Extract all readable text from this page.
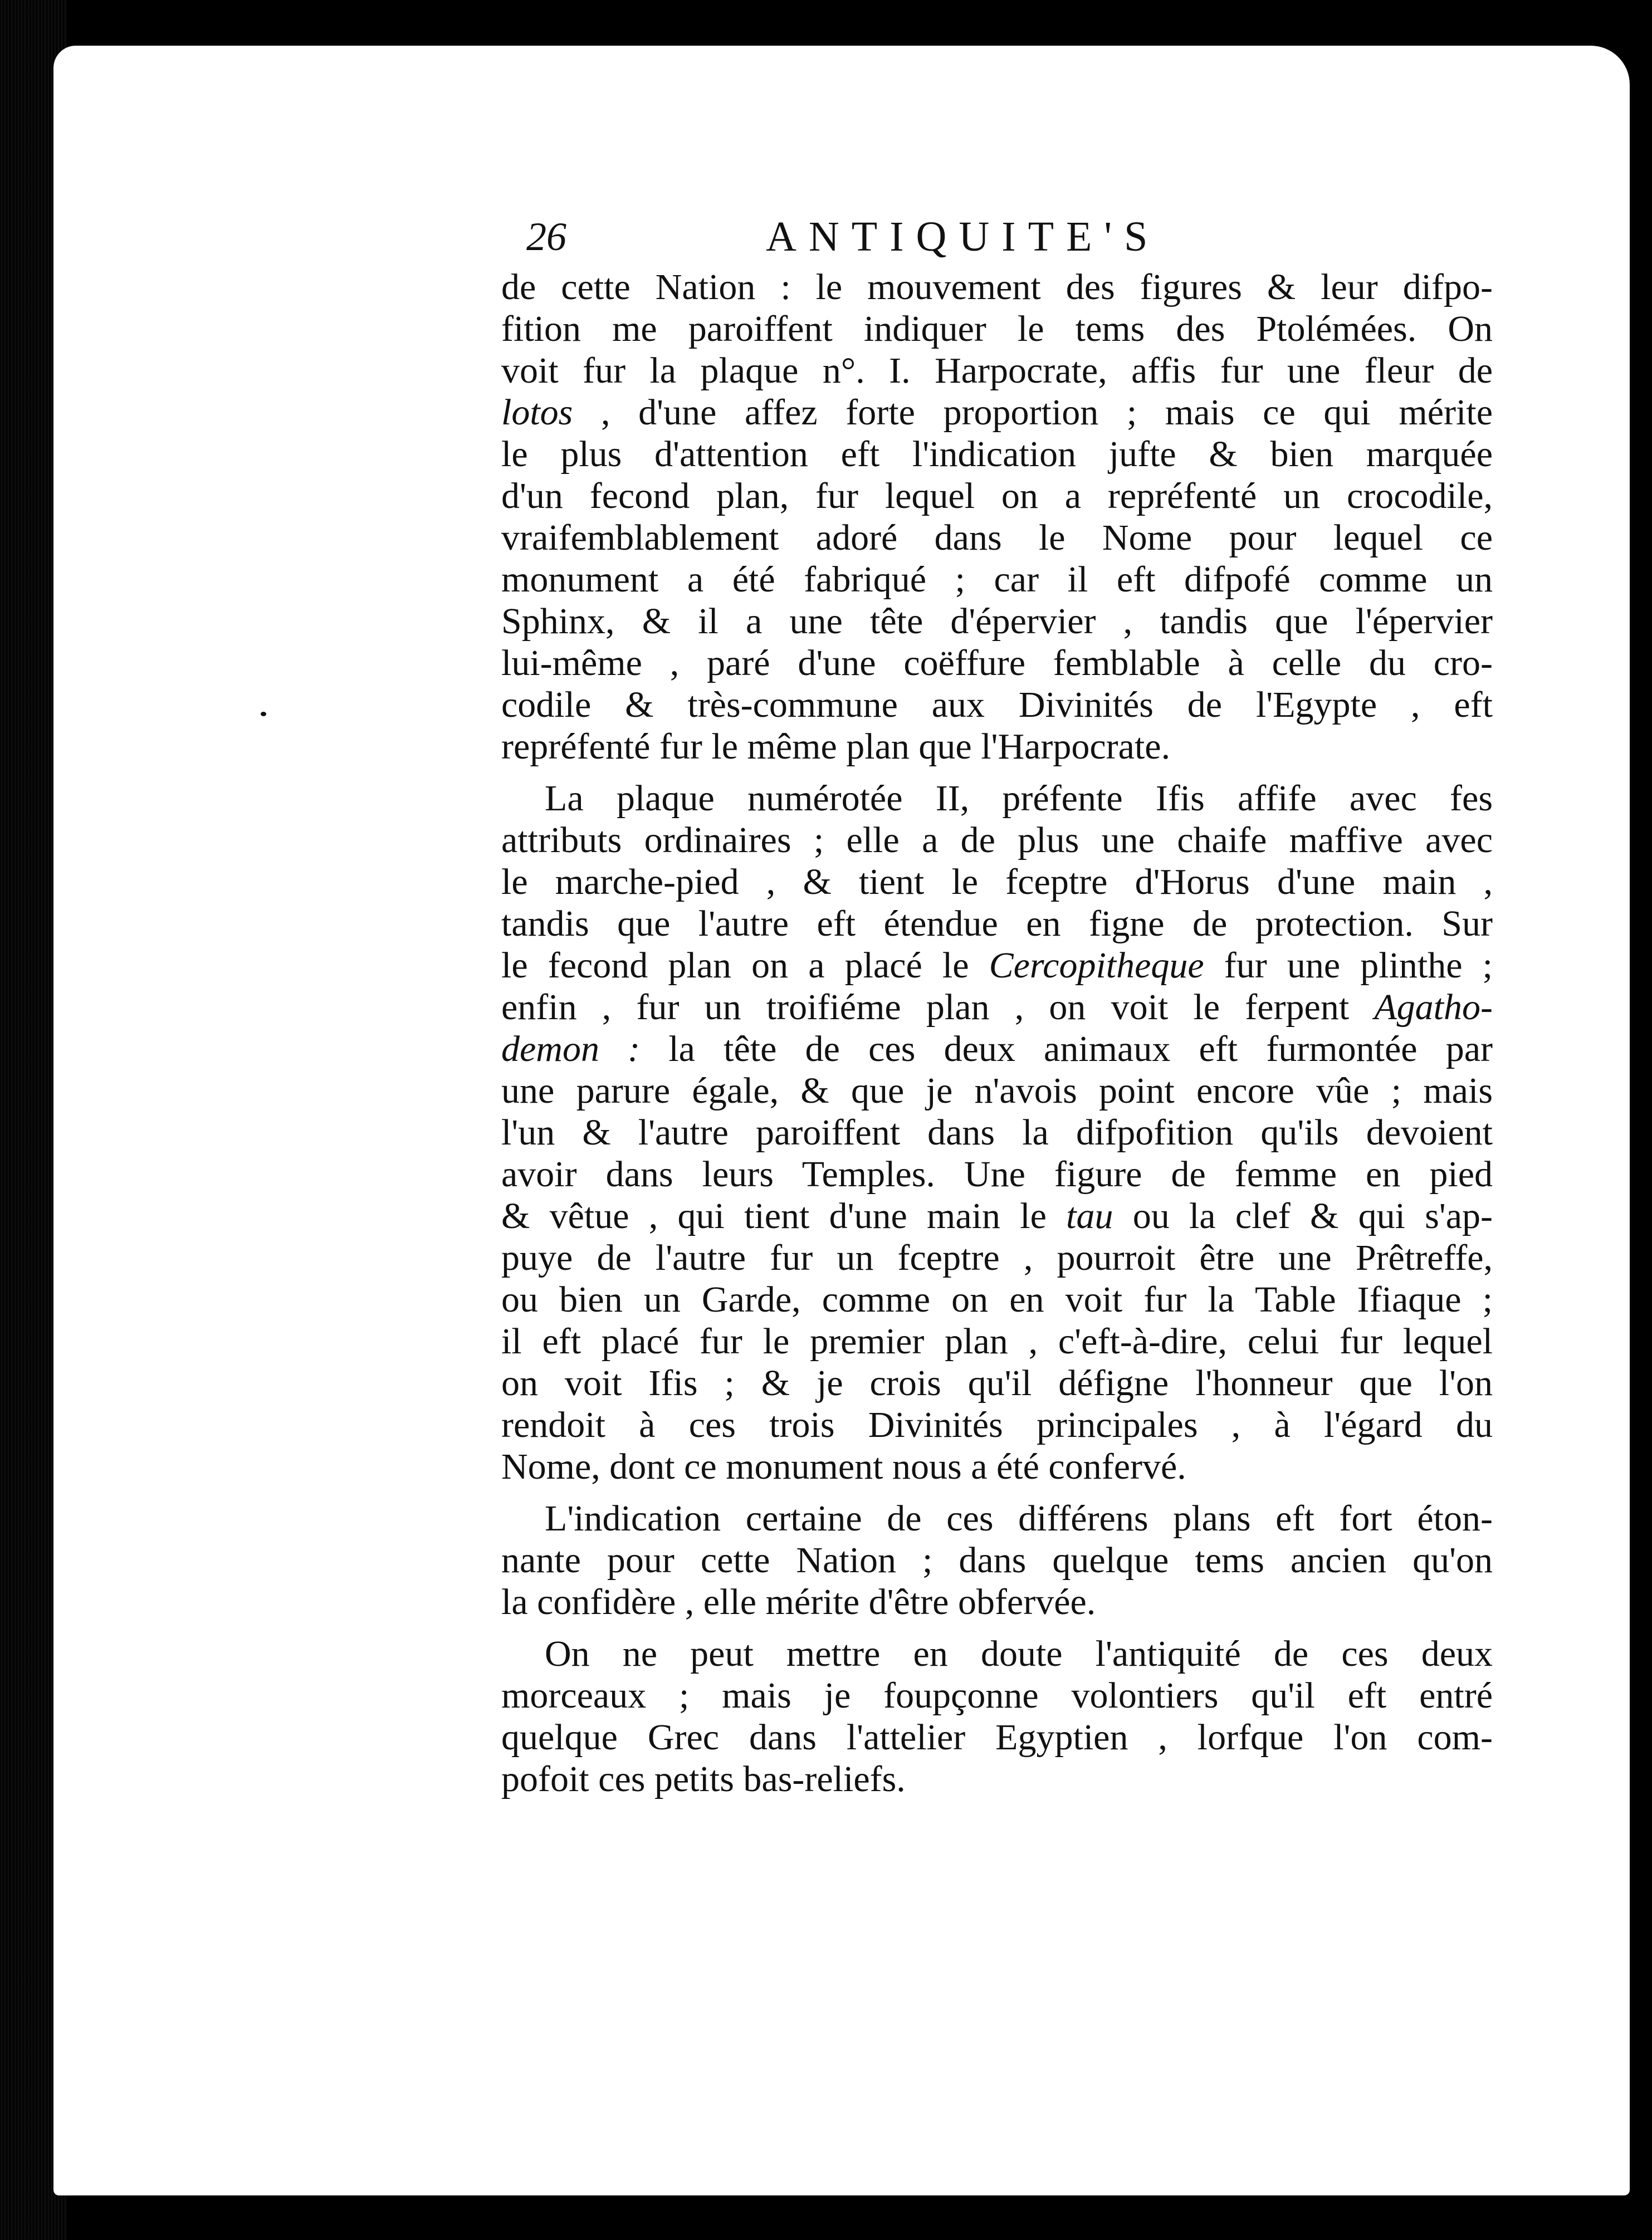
26	ANTIQUITE'S
de cette Nation : le mouvement des figures & leur difpo-
fition me paroiffent indiquer le tems des Ptolémées. On
voit fur la plaque n°. I. Harpocrate, affis fur une fleur de
lotos , d'une affez forte proportion ; mais ce qui mérite
le plus d'attention eft l'indication jufte & bien marquée
d'un fecond plan, fur lequel on a repréfenté un crocodile,
vraifemblablement adoré dans le Nome pour lequel ce
monument a été fabriqué ; car il eft difpofé comme un
Sphinx, & il a une tête d'épervier , tandis que l'épervier
lui-même , paré d'une coëffure femblable à celle du cro-
codile & très-commune aux Divinités de l'Egypte , eft
repréfenté fur le même plan que l'Harpocrate.
La plaque numérotée II, préfente Ifis affife avec fes
attributs ordinaires ; elle a de plus une chaife maffive avec
le marche-pied , & tient le fceptre d'Horus d'une main ,
tandis que l'autre eft étendue en figne de protection. Sur
le fecond plan on a placé le Cercopitheque fur une plinthe ;
enfin , fur un troifiéme plan , on voit le ferpent Agatho-
demon : la tête de ces deux animaux eft furmontée par
une parure égale, & que je n'avois point encore vûe ; mais
l'un & l'autre paroiffent dans la difpofition qu'ils devoient
avoir dans leurs Temples. Une figure de femme en pied
& vêtue , qui tient d'une main le tau ou la clef & qui s'ap-
puye de l'autre fur un fceptre , pourroit être une Prêtreffe,
ou bien un Garde, comme on en voit fur la Table Ifiaque ;
il eft placé fur le premier plan , c'eft-à-dire, celui fur lequel
on voit Ifis ; & je crois qu'il défigne l'honneur que l'on
rendoit à ces trois Divinités principales , à l'égard du
Nome, dont ce monument nous a été confervé.
L'indication certaine de ces différens plans eft fort éton-
nante pour cette Nation ; dans quelque tems ancien qu'on
la confidère , elle mérite d'être obfervée.
On ne peut mettre en doute l'antiquité de ces deux
morceaux ; mais je foupçonne volontiers qu'il eft entré
quelque Grec dans l'attelier Egyptien , lorfque l'on com-
pofoit ces petits bas-reliefs.
